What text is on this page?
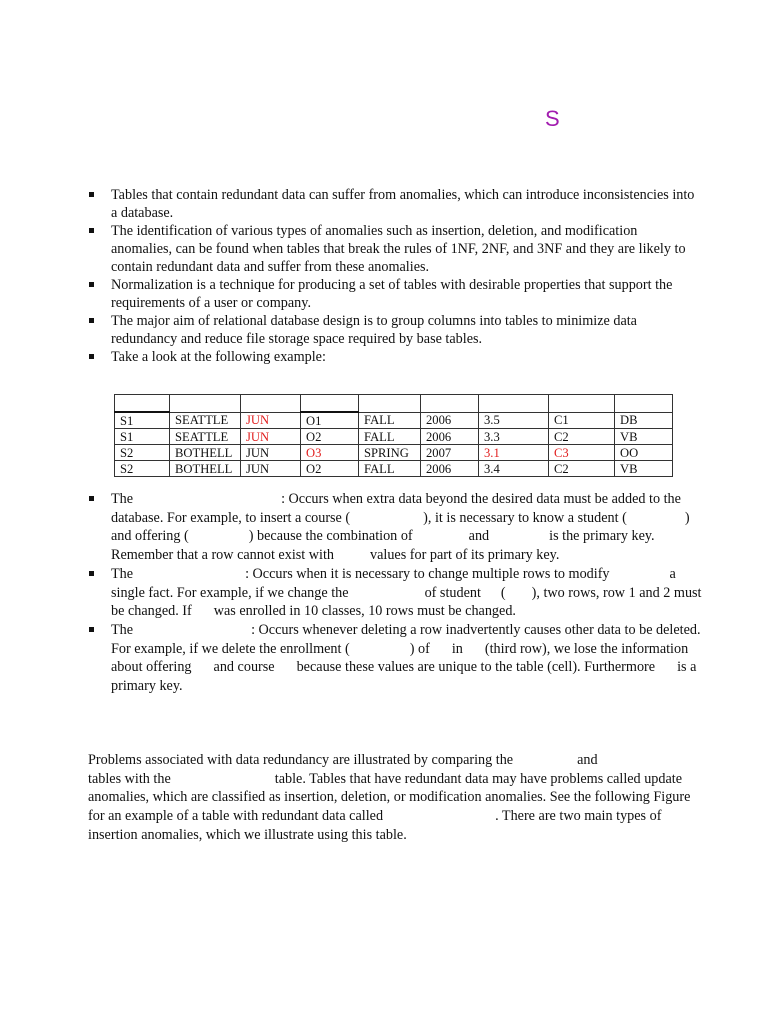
S
Tables that contain redundant data can suffer from anomalies, which can introduce inconsistencies into a database.
The identification of various types of anomalies such as insertion, deletion, and modification anomalies, can be found when tables that break the rules of 1NF, 2NF, and 3NF and they are likely to contain redundant data and suffer from these anomalies.
Normalization is a technique for producing a set of tables with desirable properties that support the requirements of a user or company.
The major aim of relational database design is to group columns into tables to minimize data redundancy and reduce file storage space required by base tables.
Take a look at the following example:

S1	SEATTLE	JUN	O1	FALL	2006	3.5	C1	DB
S1	SEATTLE	JUN	O2	FALL	2006	3.3	C2	VB
S2	BOTHELL	JUN	O3	SPRING	2007	3.1	C3	OO
S2	BOTHELL	JUN	O2	FALL	2006	3.4	C2	VB
The	: Occurs when extra data beyond the desired data must be added to the database. For example, to insert a course (	), it is necessary to know a student (	) and offering (	) because the combination of	and	is the primary key. Remember that a row cannot exist with	values for part of its primary key.
The	: Occurs when it is necessary to change multiple rows to modify	a single fact. For example, if we change the	of student ( ), two rows, row 1 and 2 must be changed. If was enrolled in 10 classes, 10 rows must be changed.
The	: Occurs whenever deleting a row inadvertently causes other data to be deleted. For example, if we delete the enrollment (	) of in (third row), we lose the information about offering and course because these values are unique to the table (cell). Furthermore is a primary key.

Problems associated with data redundancy are illustrated by comparing the	andtables with the	table. Tables that have redundant data may have problems called update anomalies, which are classified as insertion, deletion, or modification anomalies. See the following Figure for an example of a table with redundant data called	. There are two main types of insertion anomalies, which we illustrate using this table.
